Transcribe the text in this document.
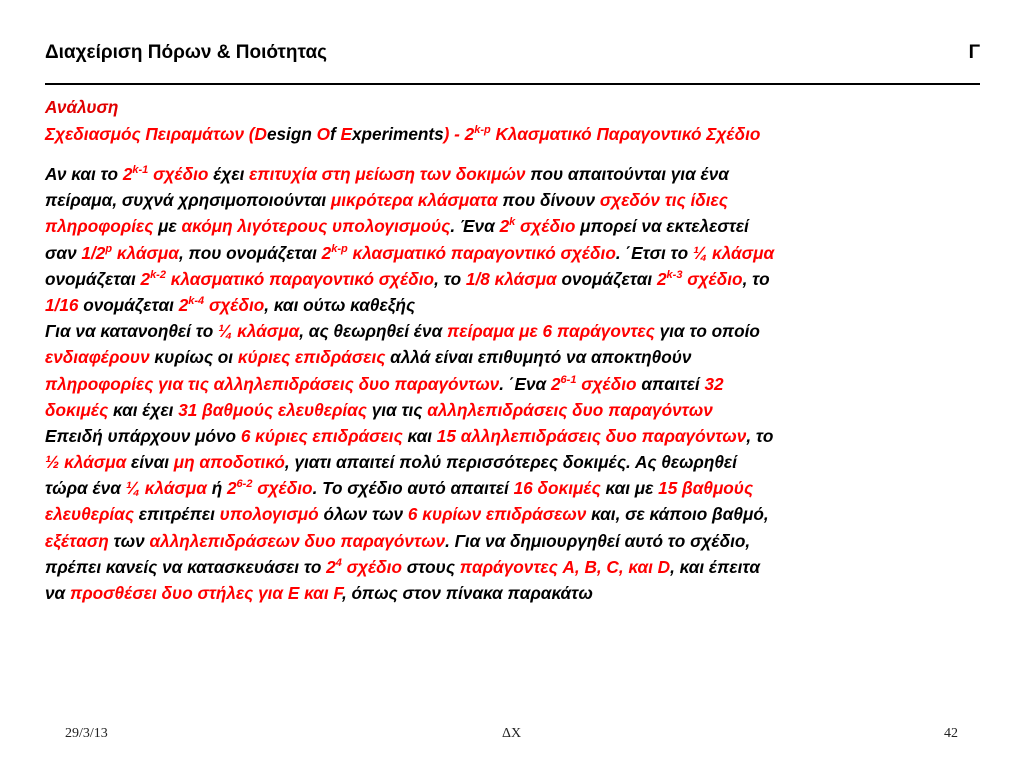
Διαχείριση Πόρων & Ποιότητας	Γ
Ανάλυση
Σχεδιασμός Πειραμάτων (Design Of Experiments) - 2$^{k-p}$ Κλασματικό Παραγοντικό Σχέδιο
Αν και το 2$^{k-1}$ σχέδιο έχει επιτυχία στη μείωση των δοκιμών που απαιτούνται για ένα
πείραμα, συχνά χρησιμοποιούνται μικρότερα κλάσματα που δίνουν σχεδόν τις ίδιες
πληροφορίες με ακόμη λιγότερους υπολογισμούς. Ένα 2$^k$ σχέδιο μπορεί να εκτελεστεί
σαν 1/2$^p$ κλάσμα, που ονομάζεται 2$^{k-p}$ κλασματικό παραγοντικό σχέδιο. ΄Ετσι το ¼ κλάσμα
ονομάζεται 2$^{k-2}$ κλασματικό παραγοντικό σχέδιο, το 1/8 κλάσμα ονομάζεται 2$^{k-3}$ σχέδιο, το
1/16 ονομάζεται 2$^{k-4}$ σχέδιο, και ούτω καθεξής
Για να κατανοηθεί το ¼ κλάσμα, ας θεωρηθεί ένα πείραμα με 6 παράγοντες για το οποίο
ενδιαφέρουν κυρίως οι κύριες επιδράσεις αλλά είναι επιθυμητό να αποκτηθούν
πληροφορίες για τις αλληλεπιδράσεις δυο παραγόντων. ΄Ενα 2$^{6-1}$ σχέδιο απαιτεί 32
δοκιμές και έχει 31 βαθμούς ελευθερίας για τις αλληλεπιδράσεις δυο παραγόντων
Επειδή υπάρχουν μόνο 6 κύριες επιδράσεις και 15 αλληλεπιδράσεις δυο παραγόντων, το
½ κλάσμα είναι μη αποδοτικό, γιατι απαιτεί πολύ περισσότερες δοκιμές. Ας θεωρηθεί
τώρα ένα ¼ κλάσμα ή 2$^{6-2}$ σχέδιο. Το σχέδιο αυτό απαιτεί 16 δοκιμές και με 15 βαθμούς
ελευθερίας επιτρέπει υπολογισμό όλων των 6 κυρίων επιδράσεων και, σε κάποιο βαθμό,
εξέταση των αλληλεπιδράσεων δυο παραγόντων. Για να δημιουργηθεί αυτό το σχέδιο,
πρέπει κανείς να κατασκευάσει το $2^4$ σχέδιο στους παράγοντες A, B, C, και D, και έπειτα
να προσθέσει δυο στήλες για E και F, όπως στον πίνακα παρακάτω
29/3/13	ΔΧ	42
